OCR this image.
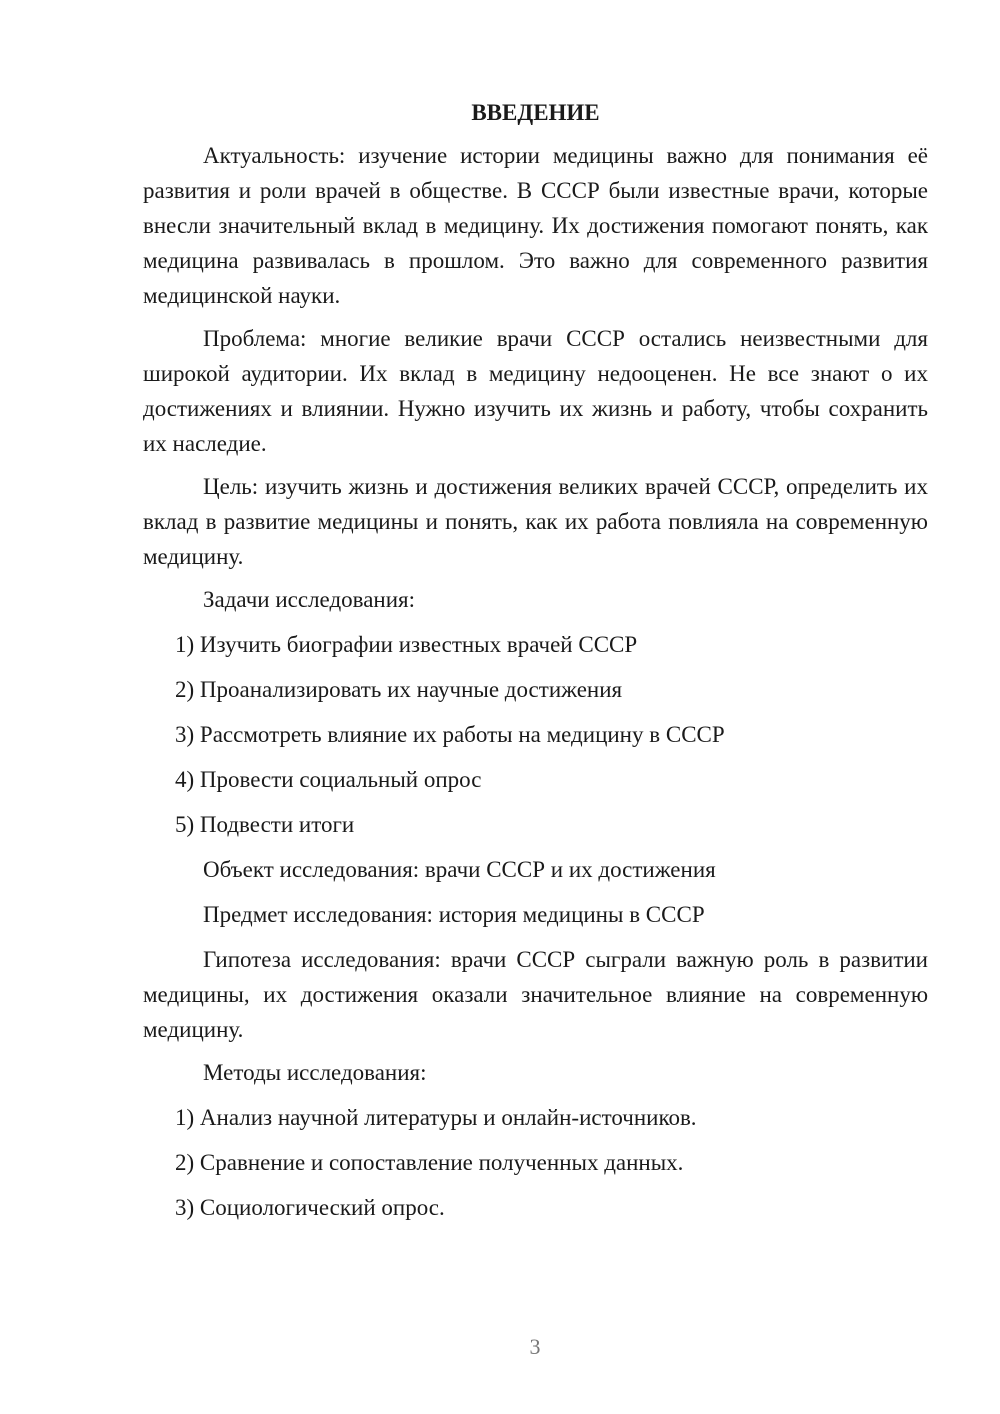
ВВЕДЕНИЕ

Актуальность: изучение истории медицины важно для понимания её развития и роли врачей в обществе. В СССР были известные врачи, которые внесли значительный вклад в медицину. Их достижения помогают понять, как медицина развивалась в прошлом. Это важно для современного развития медицинской науки.

Проблема: многие великие врачи СССР остались неизвестными для широкой аудитории. Их вклад в медицину недооценен. Не все знают о их достижениях и влиянии. Нужно изучить их жизнь и работу, чтобы сохранить их наследие.

Цель: изучить жизнь и достижения великих врачей СССР, определить их вклад в развитие медицины и понять, как их работа повлияла на современную медицину.

Задачи исследования:
1) Изучить биографии известных врачей СССР
2) Проанализировать их научные достижения
3) Рассмотреть влияние их работы на медицину в СССР
4) Провести социальный опрос
5) Подвести итоги
Объект исследования: врачи СССР и их достижения
Предмет исследования: история медицины в СССР

Гипотеза исследования: врачи СССР сыграли важную роль в развитии медицины, их достижения оказали значительное влияние на современную медицину.

Методы исследования:
1) Анализ научной литературы и онлайн-источников.
2) Сравнение и сопоставление полученных данных.
3) Социологический опрос.
3
